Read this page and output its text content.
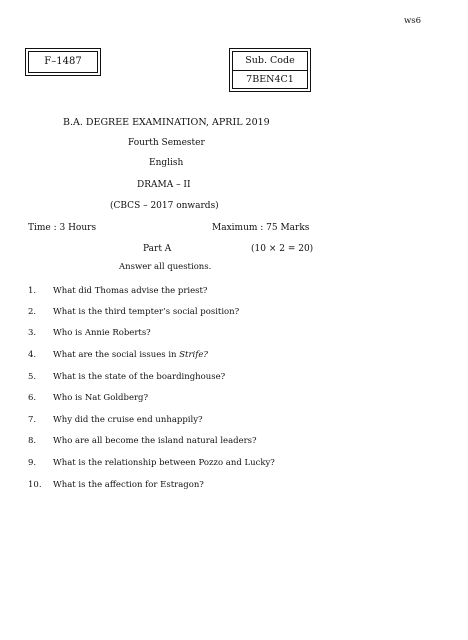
ws6
F–1487	Sub. Code
7BEN4C1
B.A. DEGREE EXAMINATION, APRIL 2019
Fourth Semester
English
DRAMA – II
(CBCS – 2017 onwards)
Time : 3 Hours	Maximum : 75 Marks
Part A	(10 × 2 = 20)
Answer all questions.
1. What did Thomas advise the priest?
2. What is the third tempter’s social position?
3. Who is Annie Roberts?
4. What are the social issues in Strife?
5. What is the state of the boardinghouse?
6. Who is Nat Goldberg?
7. Why did the cruise end unhappily?
8. Who are all become the island natural leaders?
9. What is the relationship between Pozzo and Lucky?
10. What is the affection for Estragon?
